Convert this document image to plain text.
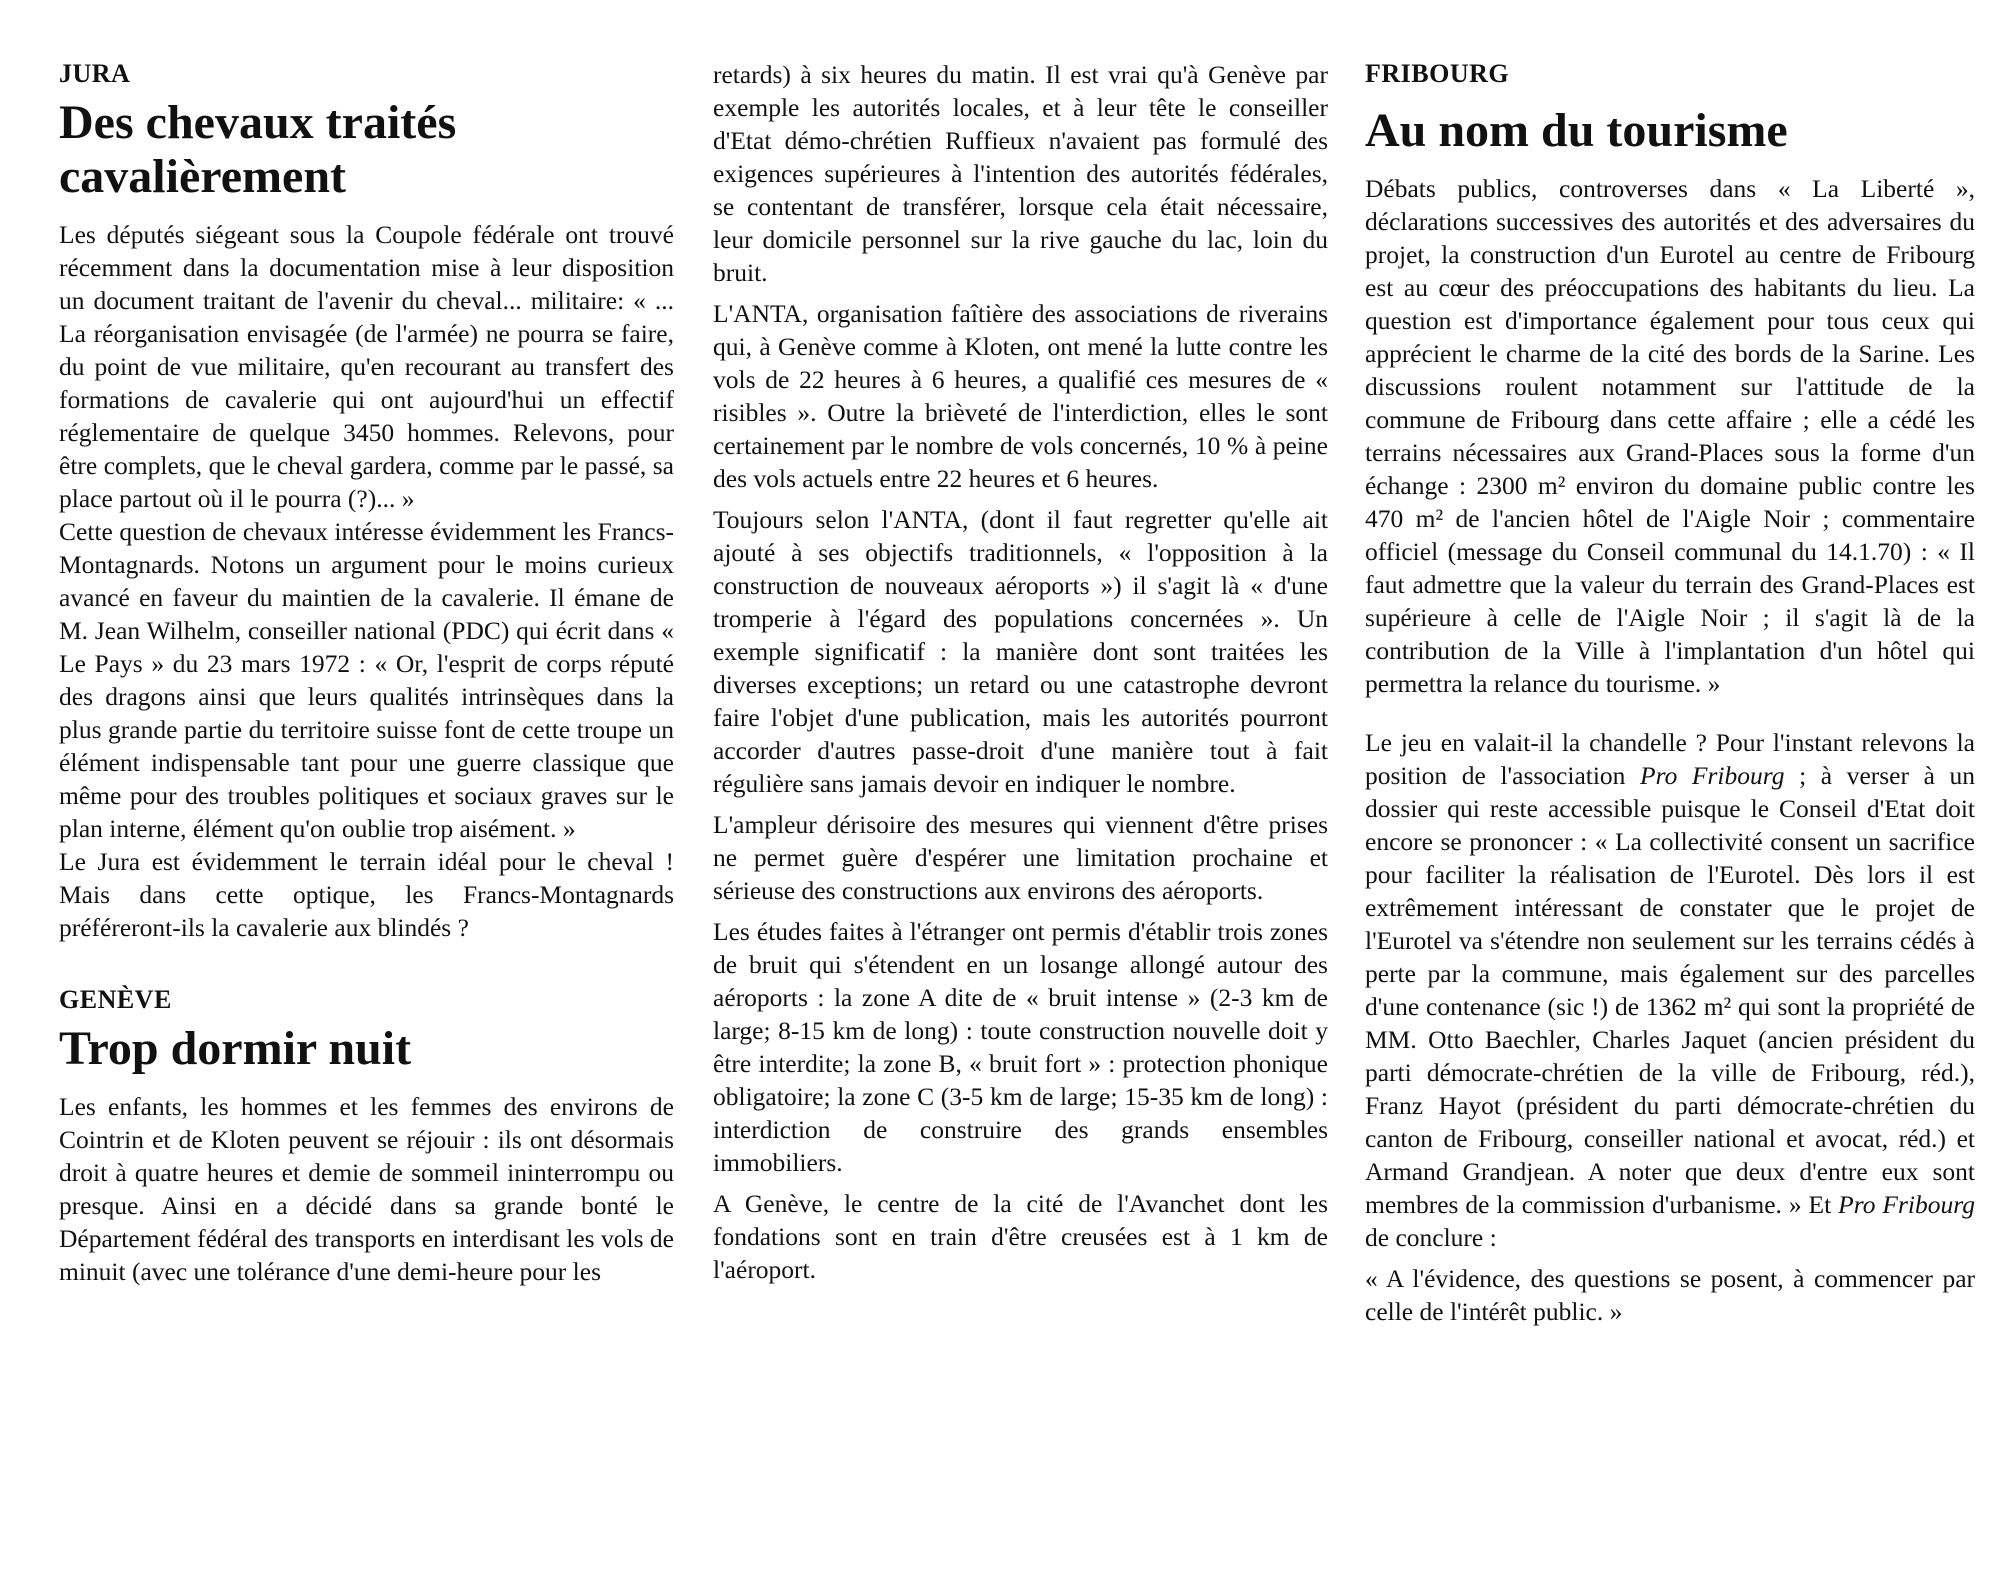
JURA
Des chevaux traités cavalièrement

Les députés siégeant sous la Coupole fédérale ont trouvé récemment dans la documentation mise à leur disposition un document traitant de l'avenir du cheval... militaire: « ... La réorganisation envisagée (de l'armée) ne pourra se faire, du point de vue militaire, qu'en recourant au transfert des formations de cavalerie qui ont aujourd'hui un effectif réglementaire de quelque 3450 hommes. Relevons, pour être complets, que le cheval gardera, comme par le passé, sa place partout où il le pourra (?)... »

Cette question de chevaux intéresse évidemment les Francs-Montagnards. Notons un argument pour le moins curieux avancé en faveur du maintien de la cavalerie. Il émane de M. Jean Wilhelm, conseiller national (PDC) qui écrit dans « Le Pays » du 23 mars 1972 : « Or, l'esprit de corps réputé des dragons ainsi que leurs qualités intrinsèques dans la plus grande partie du territoire suisse font de cette troupe un élément indispensable tant pour une guerre classique que même pour des troubles politiques et sociaux graves sur le plan interne, élément qu'on oublie trop aisément. »

Le Jura est évidemment le terrain idéal pour le cheval ! Mais dans cette optique, les Francs-Montagnards préféreront-ils la cavalerie aux blindés ?

GENÈVE
Trop dormir nuit

Les enfants, les hommes et les femmes des environs de Cointrin et de Kloten peuvent se réjouir : ils ont désormais droit à quatre heures et demie de sommeil ininterrompu ou presque. Ainsi en a décidé dans sa grande bonté le Département fédéral des transports en interdisant les vols de minuit (avec une tolérance d'une demi-heure pour les

retards) à six heures du matin. Il est vrai qu'à Genève par exemple les autorités locales, et à leur tête le conseiller d'Etat démo-chrétien Ruffieux n'avaient pas formulé des exigences supérieures à l'intention des autorités fédérales, se contentant de transférer, lorsque cela était nécessaire, leur domicile personnel sur la rive gauche du lac, loin du bruit.

L'ANTA, organisation faîtière des associations de riverains qui, à Genève comme à Kloten, ont mené la lutte contre les vols de 22 heures à 6 heures, a qualifié ces mesures de « risibles ». Outre la brièveté de l'interdiction, elles le sont certainement par le nombre de vols concernés, 10 % à peine des vols actuels entre 22 heures et 6 heures.

Toujours selon l'ANTA, (dont il faut regretter qu'elle ait ajouté à ses objectifs traditionnels, « l'opposition à la construction de nouveaux aéroports ») il s'agit là « d'une tromperie à l'égard des populations concernées ». Un exemple significatif : la manière dont sont traitées les diverses exceptions; un retard ou une catastrophe devront faire l'objet d'une publication, mais les autorités pourront accorder d'autres passe-droit d'une manière tout à fait régulière sans jamais devoir en indiquer le nombre.

L'ampleur dérisoire des mesures qui viennent d'être prises ne permet guère d'espérer une limitation prochaine et sérieuse des constructions aux environs des aéroports.

Les études faites à l'étranger ont permis d'établir trois zones de bruit qui s'étendent en un losange allongé autour des aéroports : la zone A dite de « bruit intense » (2-3 km de large; 8-15 km de long) : toute construction nouvelle doit y être interdite; la zone B, « bruit fort » : protection phonique obligatoire; la zone C (3-5 km de large; 15-35 km de long) : interdiction de construire des grands ensembles immobiliers.

A Genève, le centre de la cité de l'Avanchet dont les fondations sont en train d'être creusées est à 1 km de l'aéroport.

FRIBOURG
Au nom du tourisme

Débats publics, controverses dans « La Liberté », déclarations successives des autorités et des adversaires du projet, la construction d'un Eurotel au centre de Fribourg est au cœur des préoccupations des habitants du lieu. La question est d'importance également pour tous ceux qui apprécient le charme de la cité des bords de la Sarine. Les discussions roulent notamment sur l'attitude de la commune de Fribourg dans cette affaire ; elle a cédé les terrains nécessaires aux Grand-Places sous la forme d'un échange : 2300 m² environ du domaine public contre les 470 m² de l'ancien hôtel de l'Aigle Noir ; commentaire officiel (message du Conseil communal du 14.1.70) : « Il faut admettre que la valeur du terrain des Grand-Places est supérieure à celle de l'Aigle Noir ; il s'agit là de la contribution de la Ville à l'implantation d'un hôtel qui permettra la relance du tourisme. »

Le jeu en valait-il la chandelle ? Pour l'instant relevons la position de l'association Pro Fribourg ; à verser à un dossier qui reste accessible puisque le Conseil d'Etat doit encore se prononcer : « La collectivité consent un sacrifice pour faciliter la réalisation de l'Eurotel. Dès lors il est extrêmement intéressant de constater que le projet de l'Eurotel va s'étendre non seulement sur les terrains cédés à perte par la commune, mais également sur des parcelles d'une contenance (sic !) de 1362 m² qui sont la propriété de MM. Otto Baechler, Charles Jaquet (ancien président du parti démocrate-chrétien de la ville de Fribourg, réd.), Franz Hayot (président du parti démocrate-chrétien du canton de Fribourg, conseiller national et avocat, réd.) et Armand Grandjean. A noter que deux d'entre eux sont membres de la commission d'urbanisme. » Et Pro Fribourg de conclure :

« A l'évidence, des questions se posent, à commencer par celle de l'intérêt public. »
